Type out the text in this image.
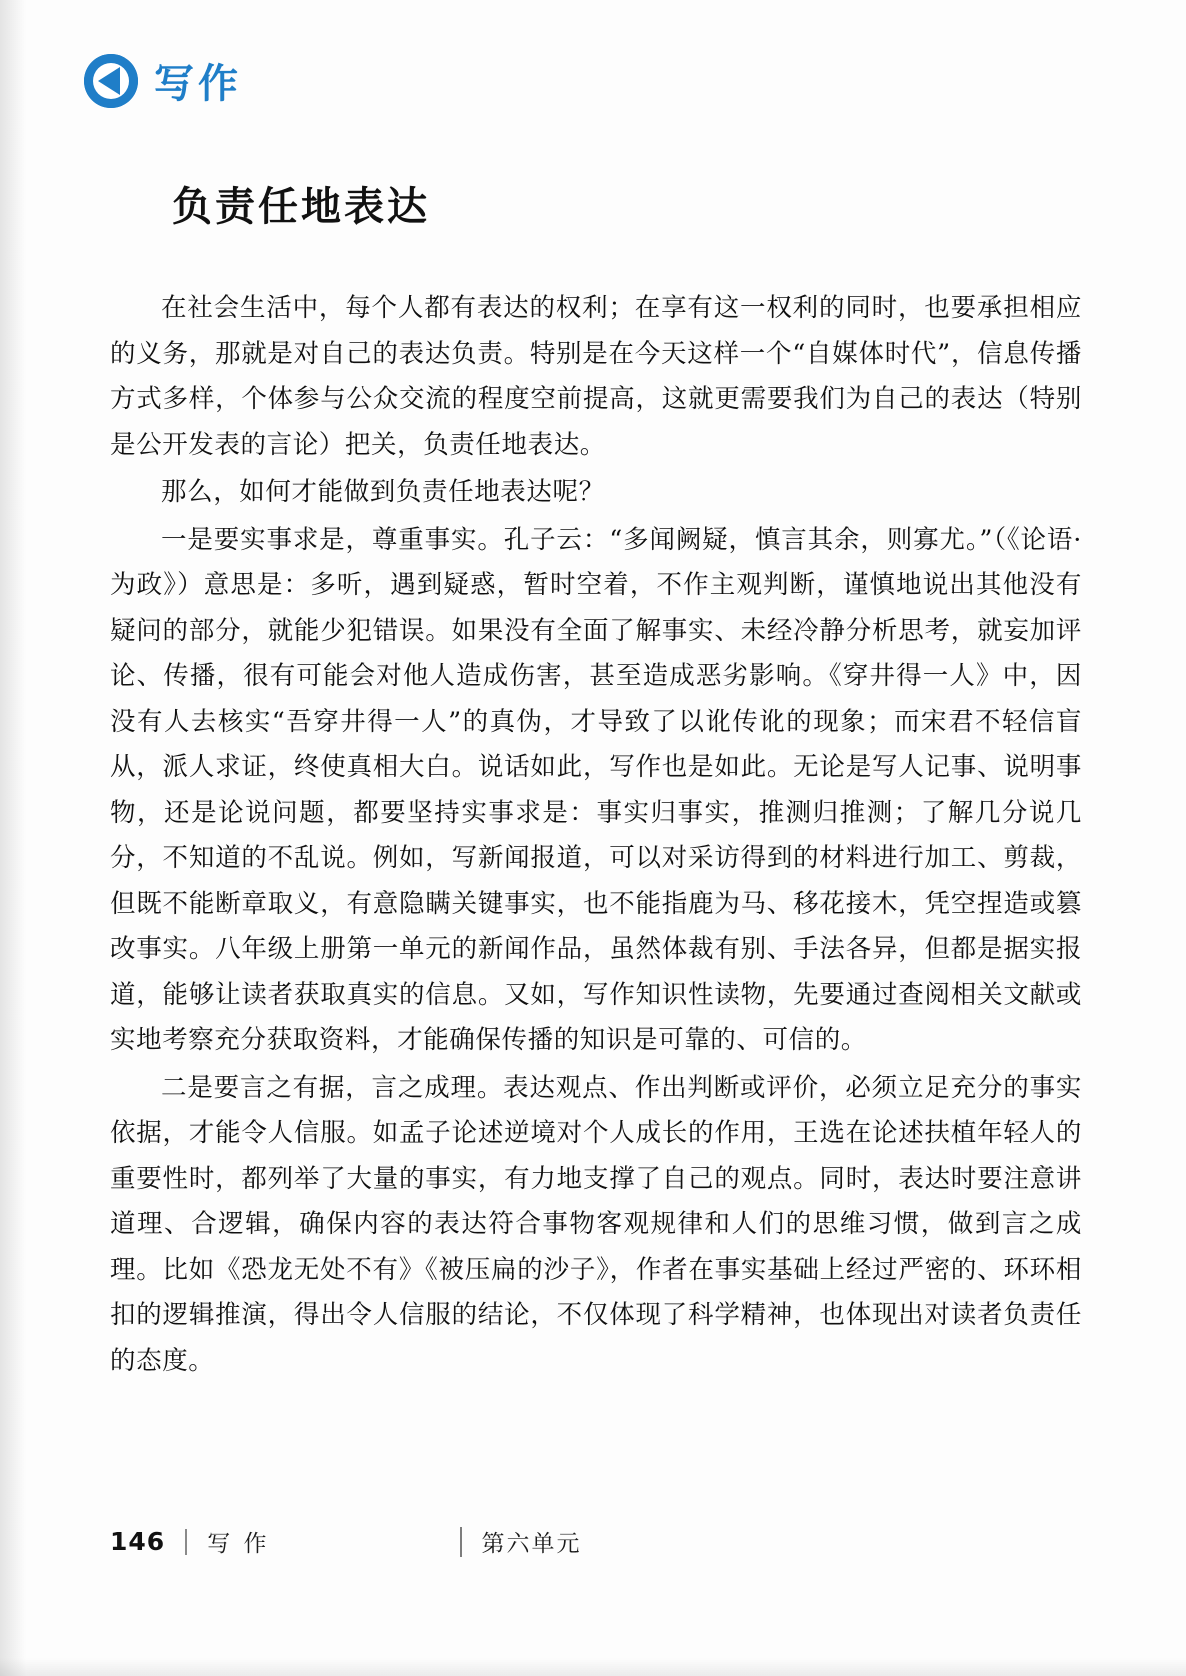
写作
负责任地表达

在社会生活中，每个人都有表达的权利；在享有这一权利的同时，也要承担相应的义务，那就是对自己的表达负责。特别是在今天这样一个“自媒体时代”，信息传播方式多样，个体参与公众交流的程度空前提高，这就更需要我们为自己的表达（特别是公开发表的言论）把关，负责任地表达。

那么，如何才能做到负责任地表达呢？

一是要实事求是，尊重事实。孔子云：“多闻阙疑，慎言其余，则寡尤。”（《论语·为政》）意思是：多听，遇到疑惑，暂时空着，不作主观判断，谨慎地说出其他没有疑问的部分，就能少犯错误。如果没有全面了解事实、未经冷静分析思考，就妄加评论、传播，很有可能会对他人造成伤害，甚至造成恶劣影响。《穿井得一人》中，因没有人去核实“吾穿井得一人”的真伪，才导致了以讹传讹的现象；而宋君不轻信盲从，派人求证，终使真相大白。说话如此，写作也是如此。无论是写人记事、说明事物，还是论说问题，都要坚持实事求是：事实归事实，推测归推测；了解几分说几分，不知道的不乱说。例如，写新闻报道，可以对采访得到的材料进行加工、剪裁，但既不能断章取义，有意隐瞒关键事实，也不能指鹿为马、移花接木，凭空捏造或篡改事实。八年级上册第一单元的新闻作品，虽然体裁有别、手法各异，但都是据实报道，能够让读者获取真实的信息。又如，写作知识性读物，先要通过查阅相关文献或实地考察充分获取资料，才能确保传播的知识是可靠的、可信的。

二是要言之有据，言之成理。表达观点、作出判断或评价，必须立足充分的事实依据，才能令人信服。如孟子论述逆境对个人成长的作用，王选在论述扶植年轻人的重要性时，都列举了大量的事实，有力地支撑了自己的观点。同时，表达时要注意讲道理、合逻辑，确保内容的表达符合事物客观规律和人们的思维习惯，做到言之成理。比如《恐龙无处不有》《被压扁的沙子》，作者在事实基础上经过严密的、环环相扣的逻辑推演，得出令人信服的结论，不仅体现了科学精神，也体现出对读者负责任的态度。

146 写 作	第六单元
